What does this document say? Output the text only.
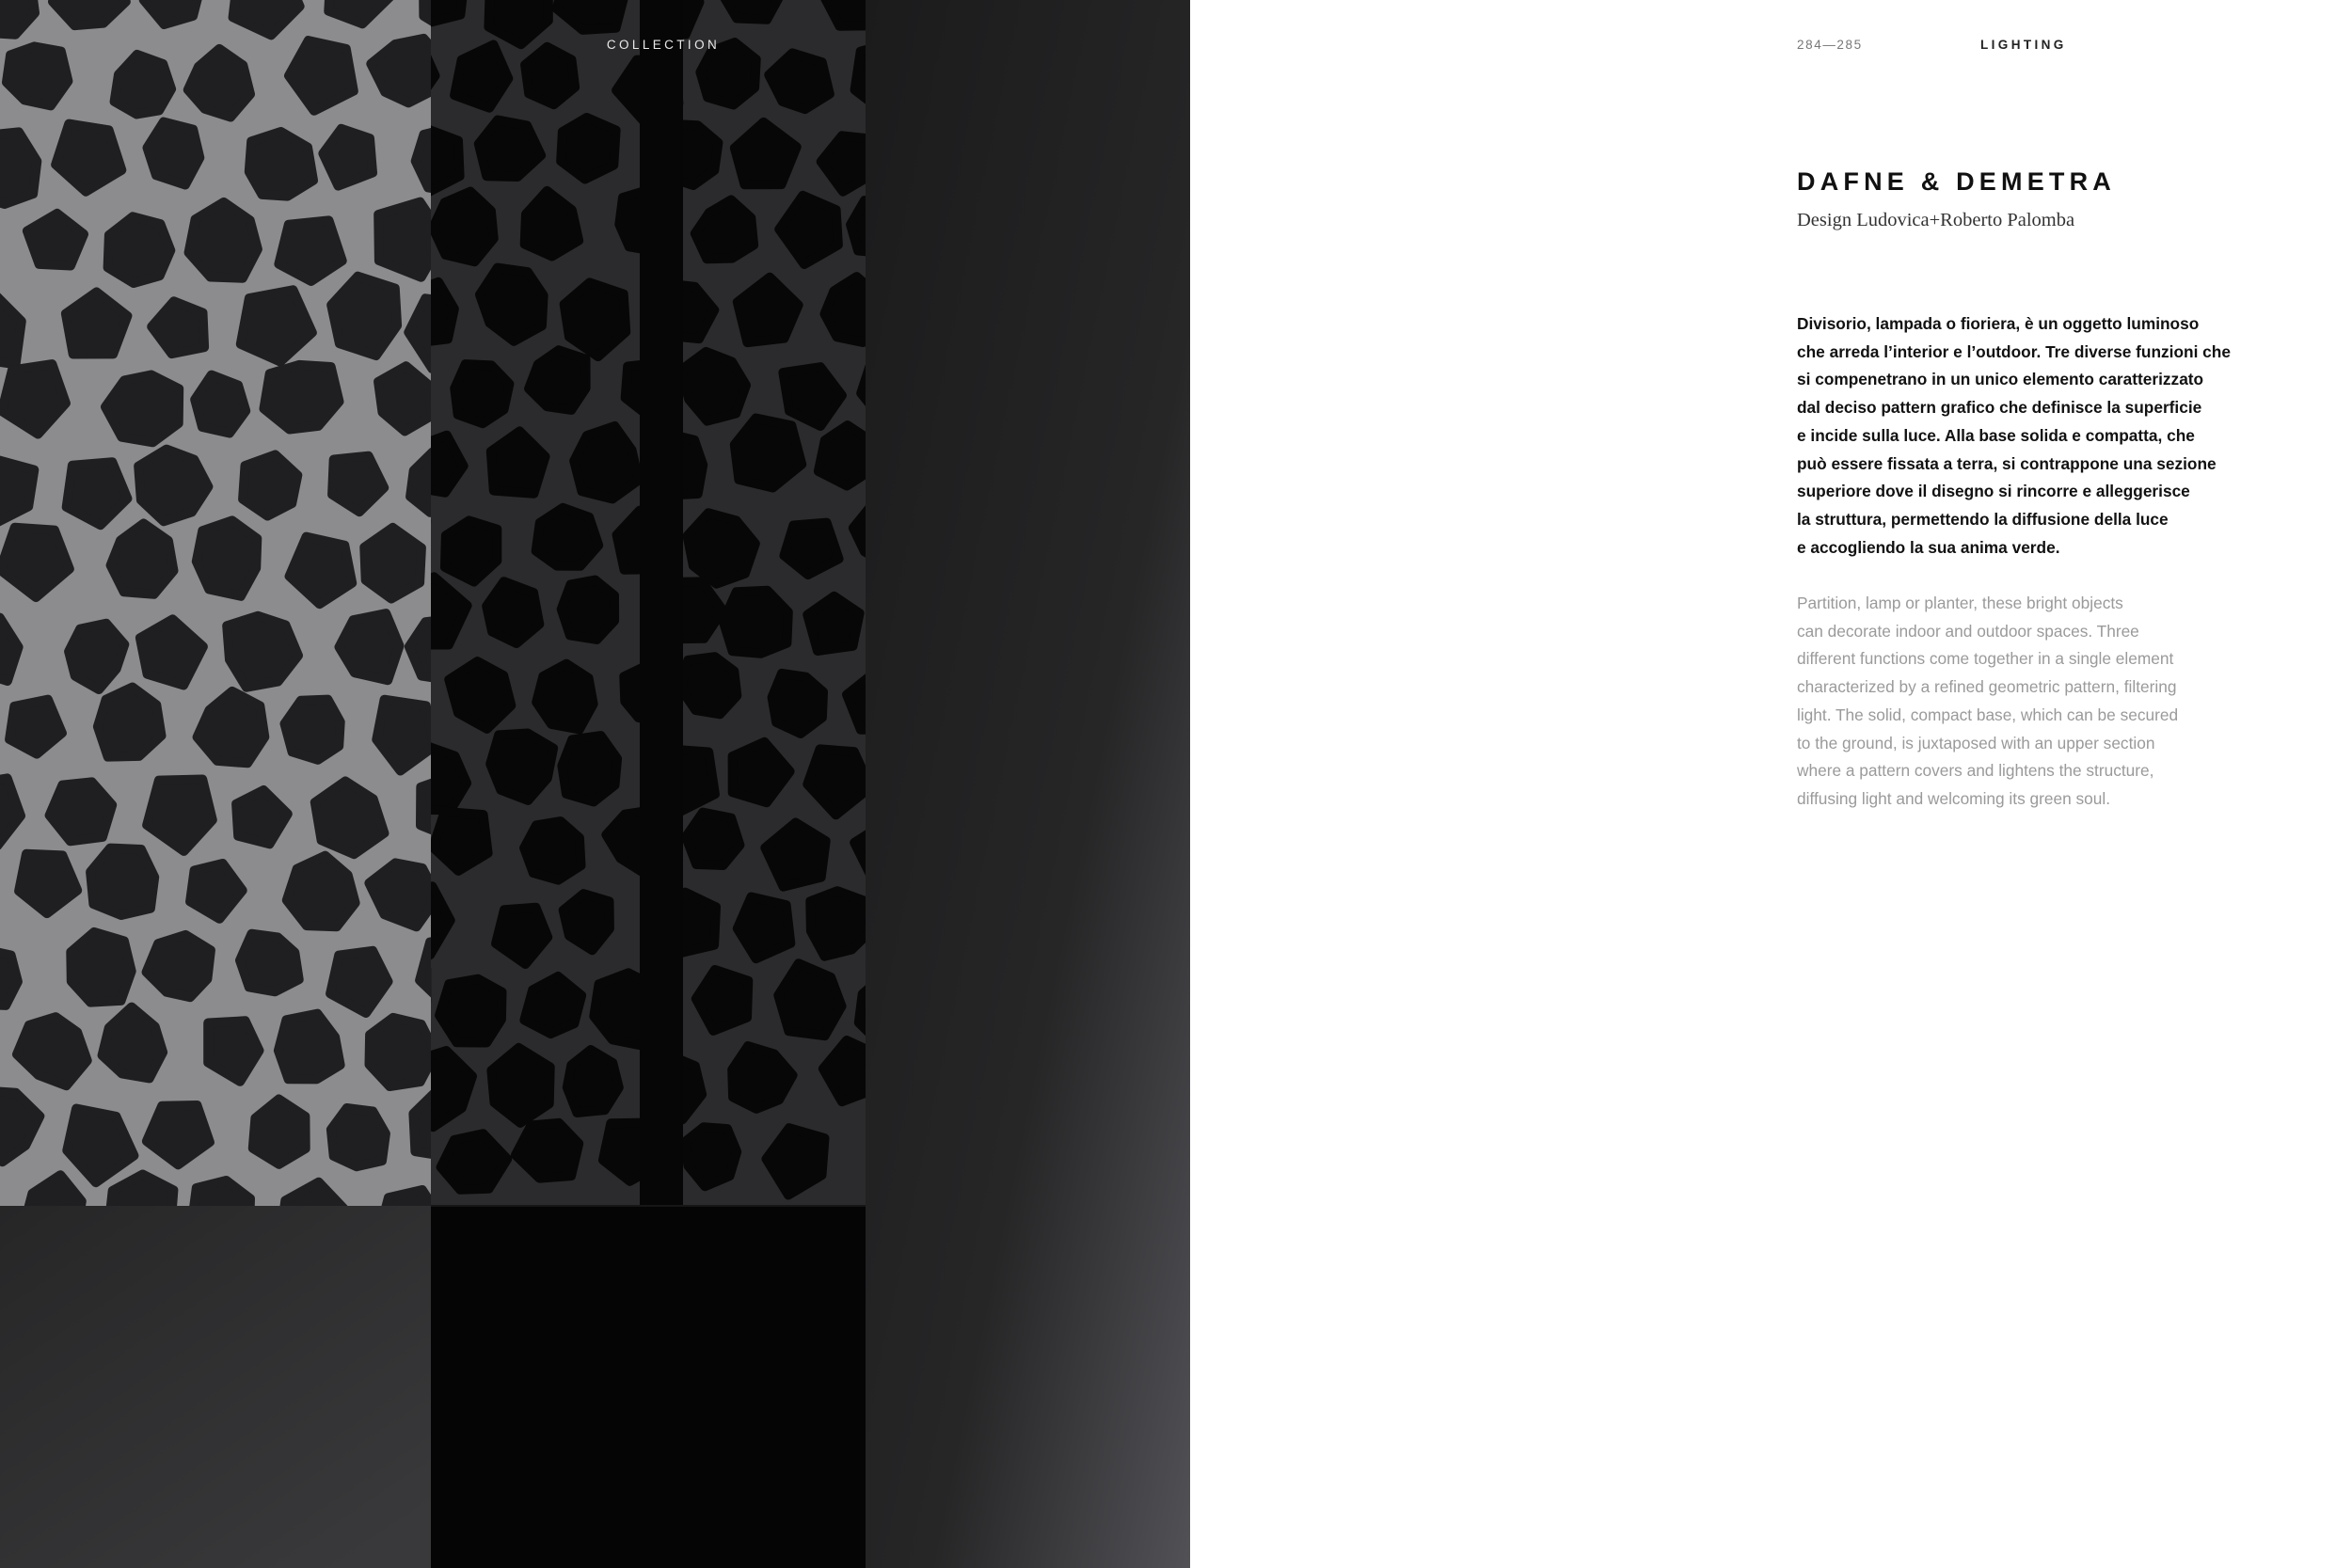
COLLECTION	284—285	LIGHTING
DAFNE & DEMETRA
Design Ludovica+Roberto Palomba
Divisorio, lampada o fioriera, è un oggetto luminoso
che arreda l’interior e l’outdoor. Tre diverse funzioni che
si compenetrano in un unico elemento caratterizzato
dal deciso pattern grafico che definisce la superficie
e incide sulla luce. Alla base solida e compatta, che
può essere fissata a terra, si contrappone una sezione
superiore dove il disegno si rincorre e alleggerisce
la struttura, permettendo la diffusione della luce
e accogliendo la sua anima verde.
Partition, lamp or planter, these bright objects
can decorate indoor and outdoor spaces. Three
different functions come together in a single element
characterized by a refined geometric pattern, filtering
light. The solid, compact base, which can be secured
to the ground, is juxtaposed with an upper section
where a pattern covers and lightens the structure,
diffusing light and welcoming its green soul.
